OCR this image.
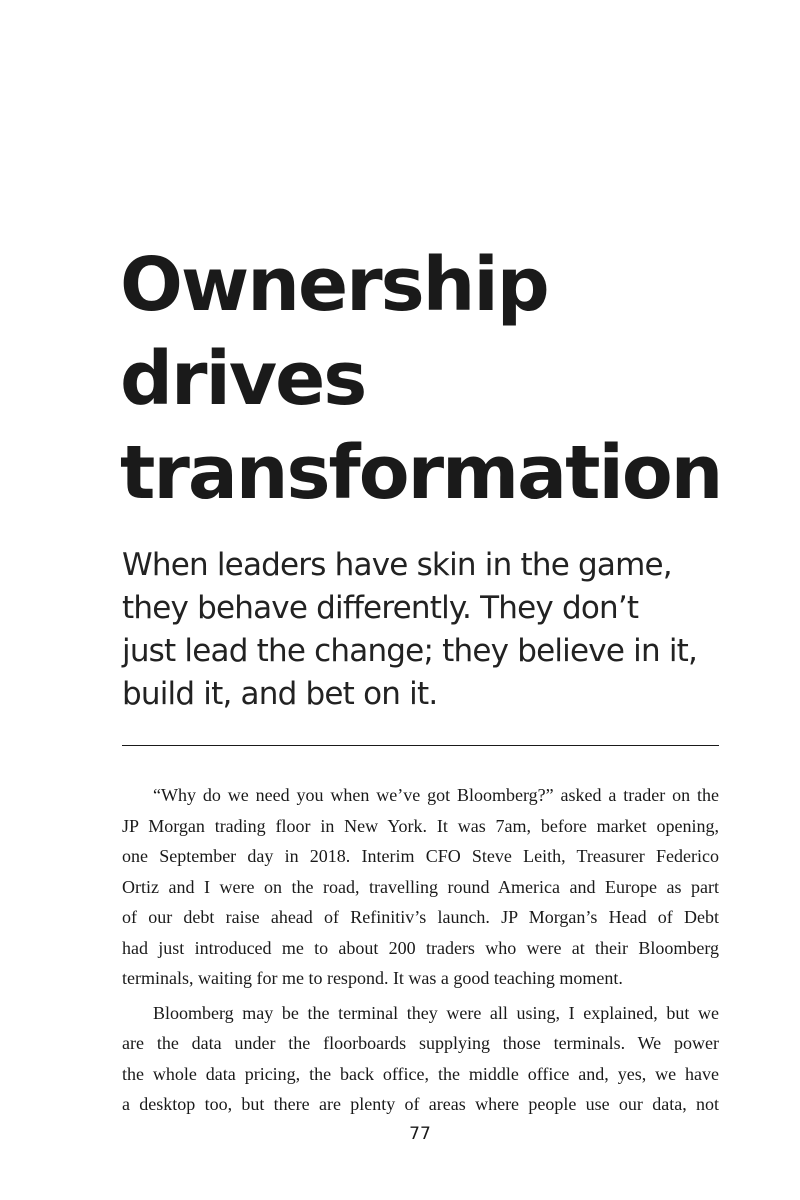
Ownership
drives
transformation

When leaders have skin in the game,
they behave differently. They don’t
just lead the change; they believe in it,
build it, and bet on it.

“Why do we need you when we’ve got Bloomberg?” asked a trader on the
JP Morgan trading floor in New York. It was 7am, before market opening,
one September day in 2018. Interim CFO Steve Leith, Treasurer Federico
Ortiz and I were on the road, travelling round America and Europe as part
of our debt raise ahead of Refinitiv’s launch. JP Morgan’s Head of Debt
had just introduced me to about 200 traders who were at their Bloomberg
terminals, waiting for me to respond. It was a good teaching moment.

Bloomberg may be the terminal they were all using, I explained, but we
are the data under the floorboards supplying those terminals. We power
the whole data pricing, the back office, the middle office and, yes, we have
a desktop too, but there are plenty of areas where people use our data, not

77
